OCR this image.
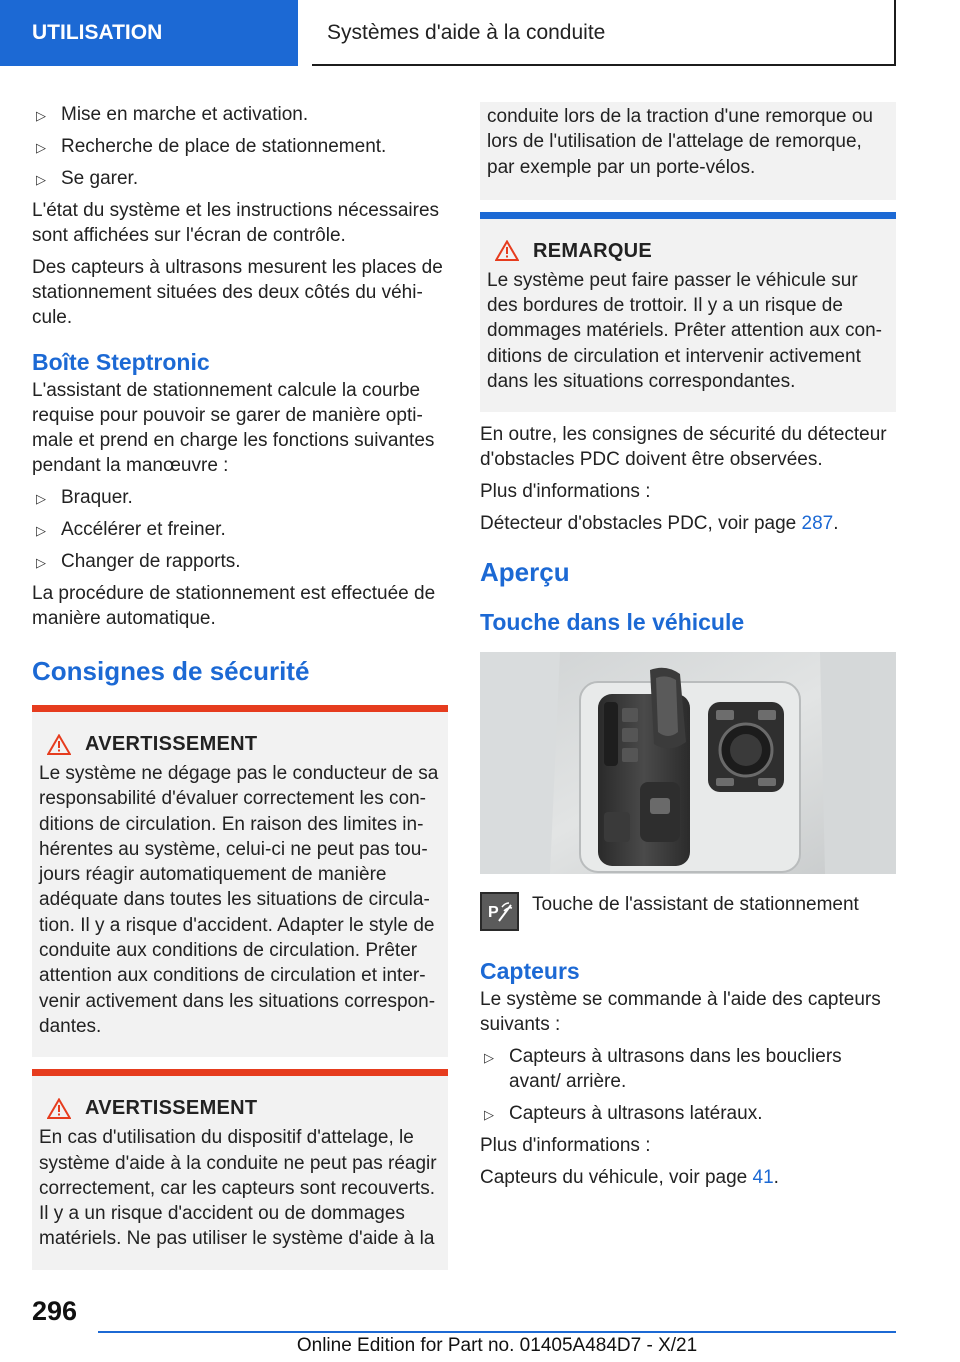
UTILISATION	Systèmes d'aide à la conduite
▷ Mise en marche et activation.
▷ Recherche de place de stationnement.
▷ Se garer.

L'état du système et les instructions nécessaires sont affichées sur l'écran de contrôle.

Des capteurs à ultrasons mesurent les places de stationnement situées des deux côtés du véhi‐ cule.

Boîte Steptronic

L'assistant de stationnement calcule la courbe requise pour pouvoir se garer de manière opti‐ male et prend en charge les fonctions suivantes pendant la manœuvre :

▷ Braquer.
▷ Accélérer et freiner.
▷ Changer de rapports.

La procédure de stationnement est effectuée de manière automatique.

Consignes de sécurité
AVERTISSEMENT

Le système ne dégage pas le conducteur de sa responsabilité d'évaluer correctement les con‐ ditions de circulation. En raison des limites in‐ hérentes au système, celui-ci ne peut pas tou‐ jours réagir automatiquement de manière adéquate dans toutes les situations de circula‐ tion. Il y a risque d'accident. Adapter le style de conduite aux conditions de circulation. Prêter attention aux conditions de circulation et inter‐ venir activement dans les situations correspon‐ dantes.

AVERTISSEMENT

En cas d'utilisation du dispositif d'attelage, le système d'aide à la conduite ne peut pas réagir correctement, car les capteurs sont recouverts. Il y a un risque d'accident ou de dommages matériels. Ne pas utiliser le système d'aide à la

conduite lors de la traction d'une remorque ou lors de l'utilisation de l'attelage de remorque, par exemple par un porte-vélos.

REMARQUE

Le système peut faire passer le véhicule sur des bordures de trottoir. Il y a un risque de dommages matériels. Prêter attention aux con‐ ditions de circulation et intervenir activement dans les situations correspondantes.

En outre, les consignes de sécurité du détecteur d'obstacles PDC doivent être observées.

Plus d'informations :

Détecteur d'obstacles PDC, voir page 287.

Aperçu
Touche dans le véhicule
P Touche de l'assistant de stationnement
Capteurs

Le système se commande à l'aide des capteurs suivants :

▷ Capteurs à ultrasons dans les boucliers avant/ arrière.
▷ Capteurs à ultrasons latéraux.

Plus d'informations :

Capteurs du véhicule, voir page 41.

296
Online Edition for Part no. 01405A484D7 - X/21
